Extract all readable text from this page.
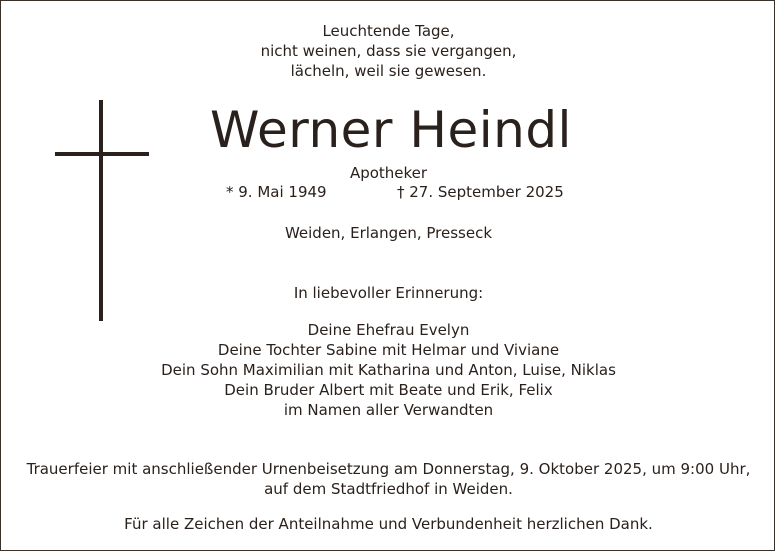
Leuchtende Tage,
nicht weinen, dass sie vergangen,
lächeln, weil sie gewesen.
Werner Heindl
Apotheker
* 9. Mai 1949	† 27. September 2025
Weiden, Erlangen, Presseck
In liebevoller Erinnerung:
Deine Ehefrau Evelyn
Deine Tochter Sabine mit Helmar und Viviane
Dein Sohn Maximilian mit Katharina und Anton, Luise, Niklas
Dein Bruder Albert mit Beate und Erik, Felix
im Namen aller Verwandten
Trauerfeier mit anschließender Urnenbeisetzung am Donnerstag, 9. Oktober 2025, um 9:00 Uhr,
auf dem Stadtfriedhof in Weiden.
Für alle Zeichen der Anteilnahme und Verbundenheit herzlichen Dank.
